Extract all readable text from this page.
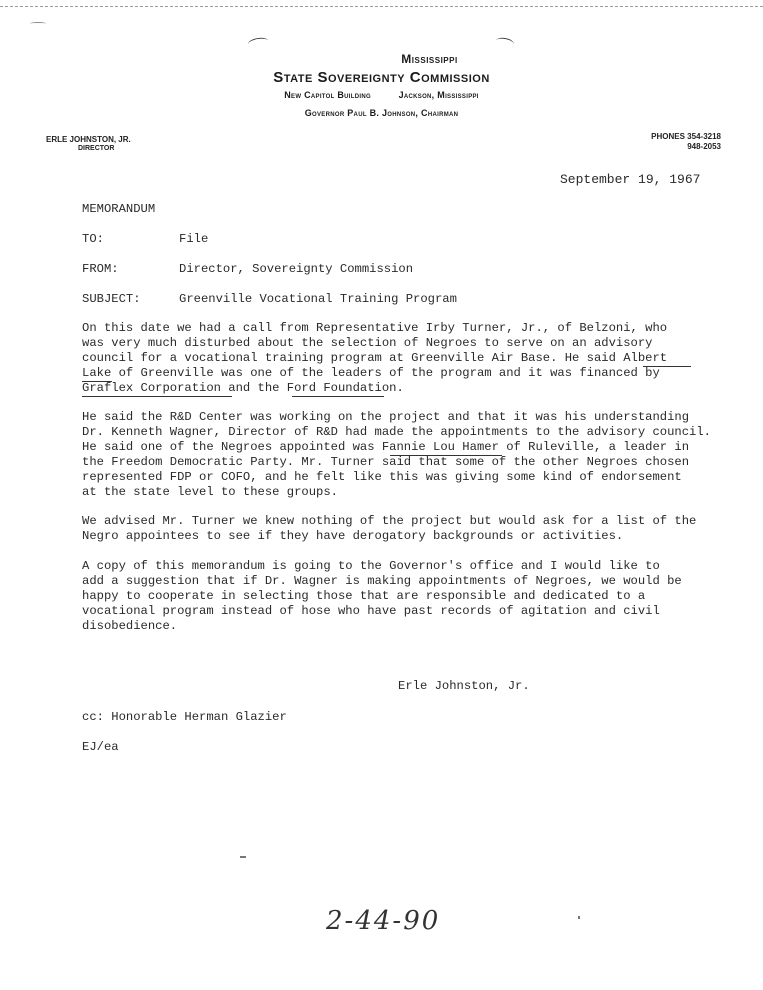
Mississippi
State Sovereignty Commission
New Capitol Building	Jackson, Mississippi
Governor Paul B. Johnson, Chairman
ERLE JOHNSTON, JR.
DIRECTOR
PHONES 354-3218
948-2053
September 19, 1967
MEMORANDUM
TO:	File
FROM:	Director, Sovereignty Commission
SUBJECT:	Greenville Vocational Training Program
On this date we had a call from Representative Irby Turner, Jr., of Belzoni, who
was very much disturbed about the selection of Negroes to serve on an advisory
council for a vocational training program at Greenville Air Base. He said Albert
Lake of Greenville was one of the leaders of the program and it was financed by
Graflex Corporation and the Ford Foundation.
He said the R&D Center was working on the project and that it was his understanding
Dr. Kenneth Wagner, Director of R&D had made the appointments to the advisory council.
He said one of the Negroes appointed was Fannie Lou Hamer of Ruleville, a leader in
the Freedom Democratic Party. Mr. Turner said that some of the other Negroes chosen
represented FDP or COFO, and he felt like this was giving some kind of endorsement
at the state level to these groups.
We advised Mr. Turner we knew nothing of the project but would ask for a list of the
Negro appointees to see if they have derogatory backgrounds or activities.
A copy of this memorandum is going to the Governor's office and I would like to
add a suggestion that if Dr. Wagner is making appointments of Negroes, we would be
happy to cooperate in selecting those that are responsible and dedicated to a
vocational program instead of hose who have past records of agitation and civil
disobedience.
Erle Johnston, Jr.
cc: Honorable Herman Glazier
EJ/ea
2-44-90
